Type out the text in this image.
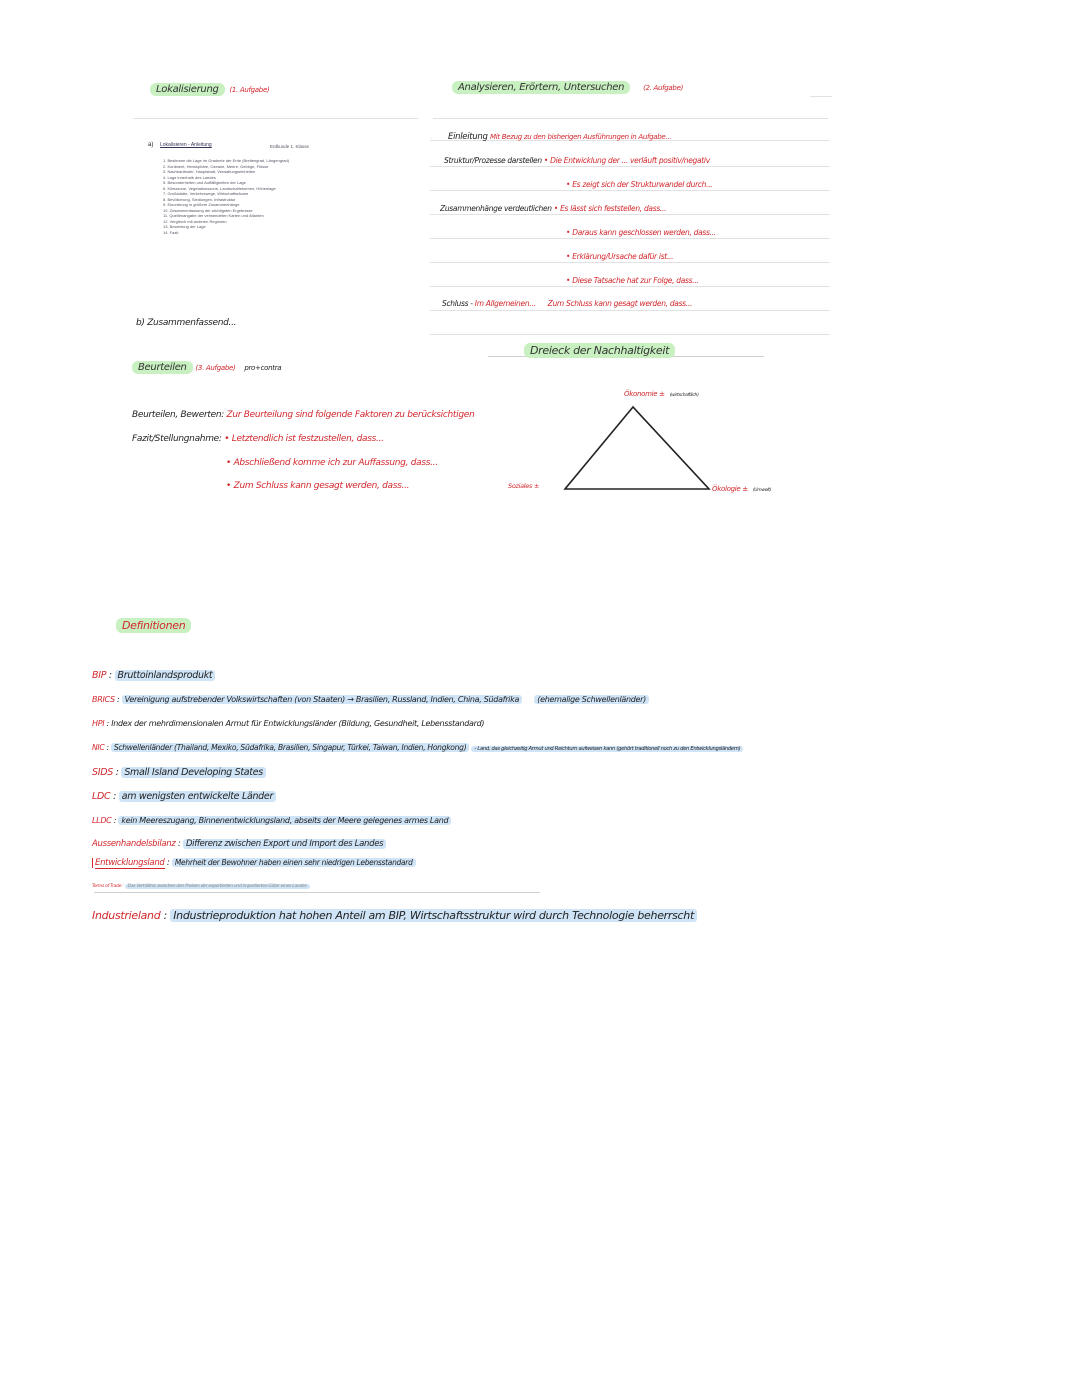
Lokalisierung (1. Aufgabe)
a) Lokalisieren - Anleitung	Erdkunde 1. Klasse
1. Bestimme die Lage im Gradnetz der Erde (Breitengrad, Längengrad)
2. Kontinent, Hemisphäre, Ozeane, Meere, Gebirge, Flüsse
3. Nachbarländer, Hauptstadt, Verwaltungseinheiten
4. Lage innerhalb des Landes
5. Besonderheiten und Auffälligkeiten der Lage
6. Klimazone, Vegetationszone, Landschaftsformen, Höhenlage
7. Großstädte, Verkehrswege, Wirtschaftsräume
8. Bevölkerung, Siedlungen, Infrastruktur
9. Einordnung in größere Zusammenhänge
10. Zusammenfassung der wichtigsten Ergebnisse
11. Quellenangabe der verwendeten Karten und Atlanten
12. Vergleich mit anderen Regionen
13. Bewertung der Lage
14. Fazit
b) Zusammenfassend...
Beurteilen (3. Aufgabe) pro+contra
Beurteilen, Bewerten: Zur Beurteilung sind folgende Faktoren zu berücksichtigen
Fazit/Stellungnahme: • Letztendlich ist festzustellen, dass...
• Abschließend komme ich zur Auffassung, dass...
• Zum Schluss kann gesagt werden, dass...
Analysieren, Erörtern, Untersuchen	(2. Aufgabe)
Einleitung Mit Bezug zu den bisherigen Ausführungen in Aufgabe...
Struktur/Prozesse darstellen • Die Entwicklung der ... verläuft positiv/negativ
• Es zeigt sich der Strukturwandel durch...
Zusammenhänge verdeutlichen • Es lässt sich feststellen, dass...
• Daraus kann geschlossen werden, dass...
• Erklärung/Ursache dafür ist...
• Diese Tatsache hat zur Folge, dass...
Schluss - Im Allgemeinen... Zum Schluss kann gesagt werden, dass...
Dreieck der Nachhaltigkeit
Ökonomie ± (wirtschaftlich)
Soziales ±	Ökologie ± (Umwelt)
Definitionen
BIP : Bruttoinlandsprodukt
BRICS : Vereinigung aufstrebender Volkswirtschaften (von Staaten) → Brasilien, Russland, Indien, China, Südafrika (ehemalige Schwellenländer)
HPI : Index der mehrdimensionalen Armut für Entwicklungsländer (Bildung, Gesundheit, Lebensstandard)
NIC : Schwellenländer (Thailand, Mexiko, Südafrika, Brasilien, Singapur, Türkei, Taiwan, Indien, Hongkong) - Land, das gleichzeitig Armut und Reichtum aufweisen kann (gehört traditionell noch zu den Entwicklungsländern)
SIDS : Small Island Developing States
LDC : am wenigsten entwickelte Länder
LLDC : kein Meereszugang, Binnenentwicklungsland, abseits der Meere gelegenes armes Land
Aussenhandelsbilanz : Differenz zwischen Export und Import des Landes
Entwicklungsland : Mehrheit der Bewohner haben einen sehr niedrigen Lebensstandard
Terms of Trade : Das Verhältnis zwischen den Preisen der exportierten und importierten Güter eines Landes
Industrieland : Industrieproduktion hat hohen Anteil am BIP, Wirtschaftsstruktur wird durch Technologie beherrscht
